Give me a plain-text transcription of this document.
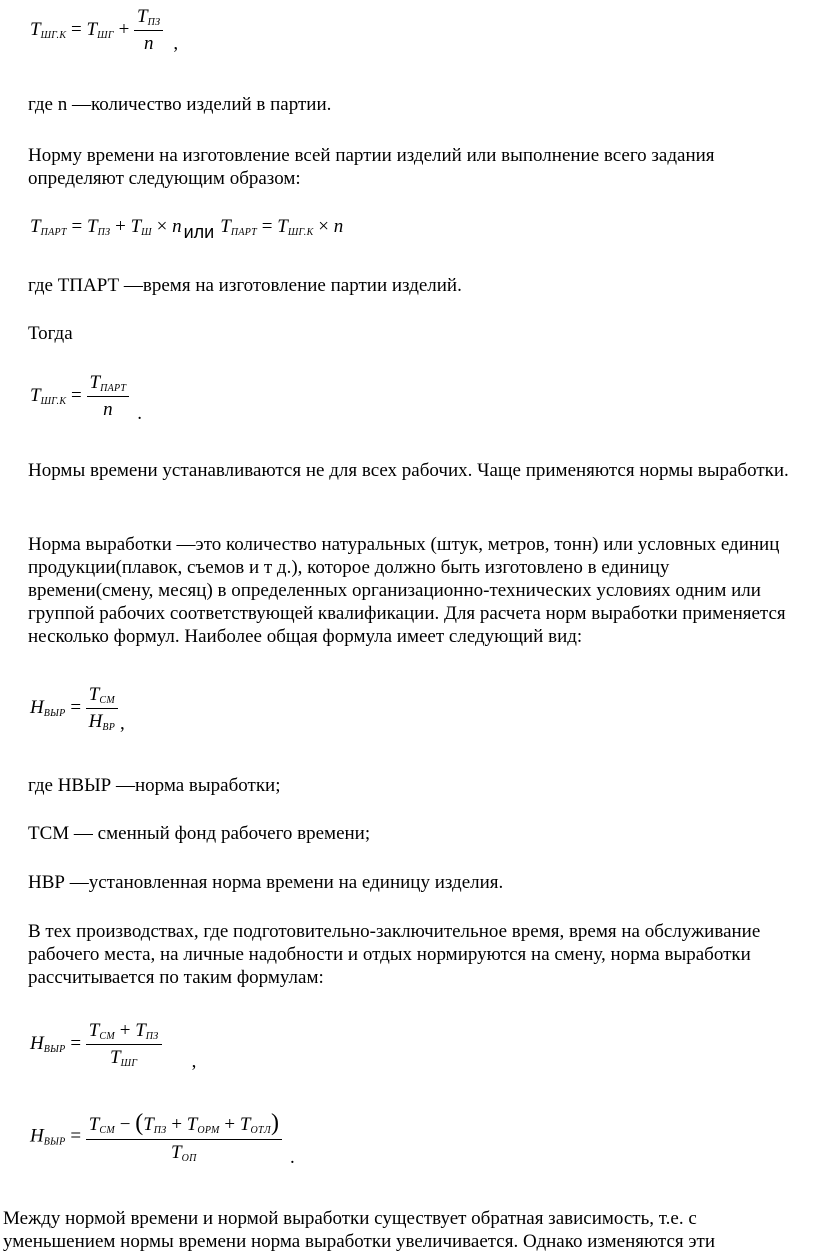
$T_{ШГ.К} = T_{ШГ} + \frac{T_{ПЗ}}{n}$ ,

где n —количество изделий в партии.

Норму времени на изготовление всей партии изделий или выполнение всего задания определяют следующим образом:

$T_{ПАРТ} = T_{ПЗ} + T_Ш \times n$ или $T_{ПАРТ} = T_{ШГ.К} \times n$

где ТПАРТ —время на изготовление партии изделий.

Тогда

$T_{ШГ.К} = \frac{T_{ПАРТ}}{n}$ .

Нормы времени устанавливаются не для всех рабочих. Чаще применяются нормы выработки.

Норма выработки —это количество натуральных (штук, метров, тонн) или условных единиц продукции(плавок, съемов и т д.), которое должно быть изготовлено в единицу времени(смену, месяц) в определенных организационно-технических условиях одним или группой рабочих соответствующей квалификации. Для расчета норм выработки применяется несколько формул. Наиболее общая формула имеет следующий вид:

$H_{ВЫР} = \frac{T_{СМ}}{H_{ВР}}$ ,

где НВЫР —норма выработки;

ТСМ — сменный фонд рабочего времени;

НВР —установленная норма времени на единицу изделия.

В тех производствах, где подготовительно-заключительное время, время на обслуживание рабочего места, на личные надобности и отдых нормируются на смену, норма выработки рассчитывается по таким формулам:

$H_{ВЫР} = \frac{T_{СМ} + T_{ПЗ}}{T_{ШГ}}$ ,
$H_{ВЫР} = \frac{T_{СМ} - (T_{ПЗ} + T_{ОРМ} + T_{ОТЛ})}{T_{ОП}}$ .

Между нормой времени и нормой выработки существует обратная зависимость, т.е. с уменьшением нормы времени норма выработки увеличивается. Однако изменяются эти
